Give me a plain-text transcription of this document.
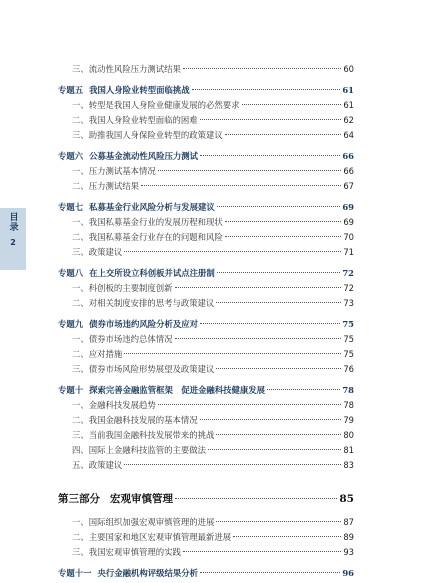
目录
2
三、流动性风险压力测试结果	60
专题五 我国人身险业转型面临挑战	61
一、转型是我国人身险业健康发展的必然要求	61
二、我国人身险业转型面临的困难	62
三、助推我国人身保险业转型的政策建议	64
专题六 公募基金流动性风险压力测试	66
一、压力测试基本情况	66
二、压力测试结果	67
专题七 私募基金行业风险分析与发展建议	69
一、我国私募基金行业的发展历程和现状	69
二、我国私募基金行业存在的问题和风险	70
三、政策建议	71
专题八 在上交所设立科创板并试点注册制	72
一、科创板的主要制度创新	72
二、对相关制度安排的思考与政策建议	73
专题九 债券市场违约风险分析及应对	75
一、债券市场违约总体情况	75
二、应对措施	75
三、债券市场风险形势展望及政策建议	76
专题十 探索完善金融监管框架　促进金融科技健康发展	78
一、金融科技发展趋势	78
二、我国金融科技发展的基本情况	79
三、当前我国金融科技发展带来的挑战	80
四、国际上金融科技监管的主要做法	81
五、政策建议	83
第三部分 宏观审慎管理	85
一、国际组织加强宏观审慎管理的进展	87
二、主要国家和地区宏观审慎管理最新进展	89
三、我国宏观审慎管理的实践	93
专题十一 央行金融机构评级结果分析	96
